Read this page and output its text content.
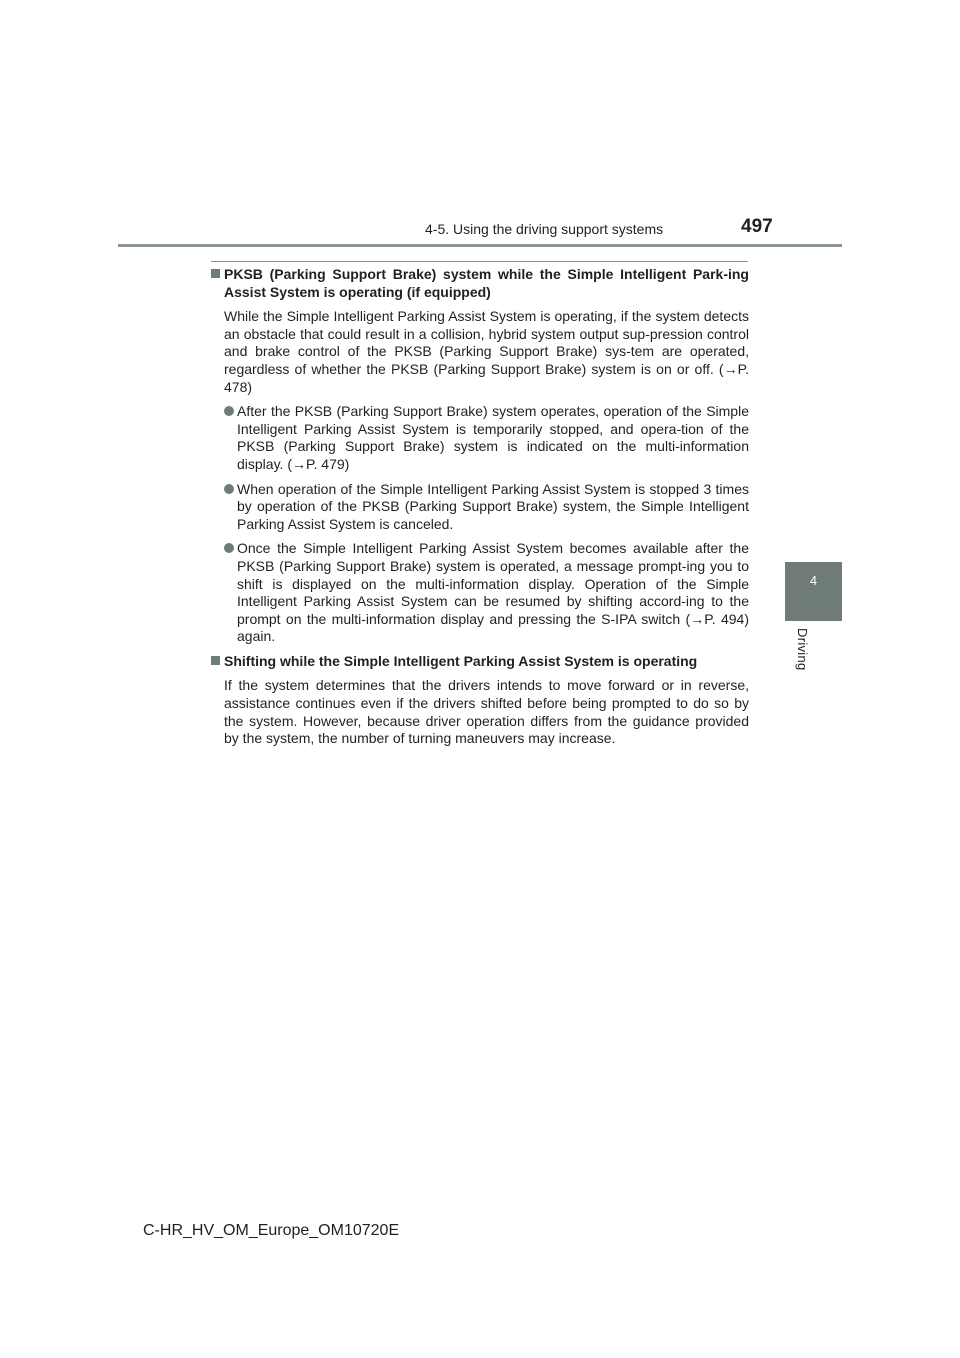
4-5. Using the driving support systems	497
4
Driving
PKSB (Parking Support Brake) system while the Simple Intelligent Park-ing Assist System is operating (if equipped)
While the Simple Intelligent Parking Assist System is operating, if the system detects an obstacle that could result in a collision, hybrid system output sup-pression control and brake control of the PKSB (Parking Support Brake) sys-tem are operated, regardless of whether the PKSB (Parking Support Brake) system is on or off. (→P. 478)
After the PKSB (Parking Support Brake) system operates, operation of the Simple Intelligent Parking Assist System is temporarily stopped, and opera-tion of the PKSB (Parking Support Brake) system is indicated on the multi-information display. (→P. 479)
When operation of the Simple Intelligent Parking Assist System is stopped 3 times by operation of the PKSB (Parking Support Brake) system, the Simple Intelligent Parking Assist System is canceled.
Once the Simple Intelligent Parking Assist System becomes available after the PKSB (Parking Support Brake) system is operated, a message prompt-ing you to shift is displayed on the multi-information display. Operation of the Simple Intelligent Parking Assist System can be resumed by shifting accord-ing to the prompt on the multi-information display and pressing the S-IPA switch (→P. 494) again.
Shifting while the Simple Intelligent Parking Assist System is operating
If the system determines that the drivers intends to move forward or in reverse, assistance continues even if the drivers shifted before being prompted to do so by the system. However, because driver operation differs from the guidance provided by the system, the number of turning maneuvers may increase.
C-HR_HV_OM_Europe_OM10720E
